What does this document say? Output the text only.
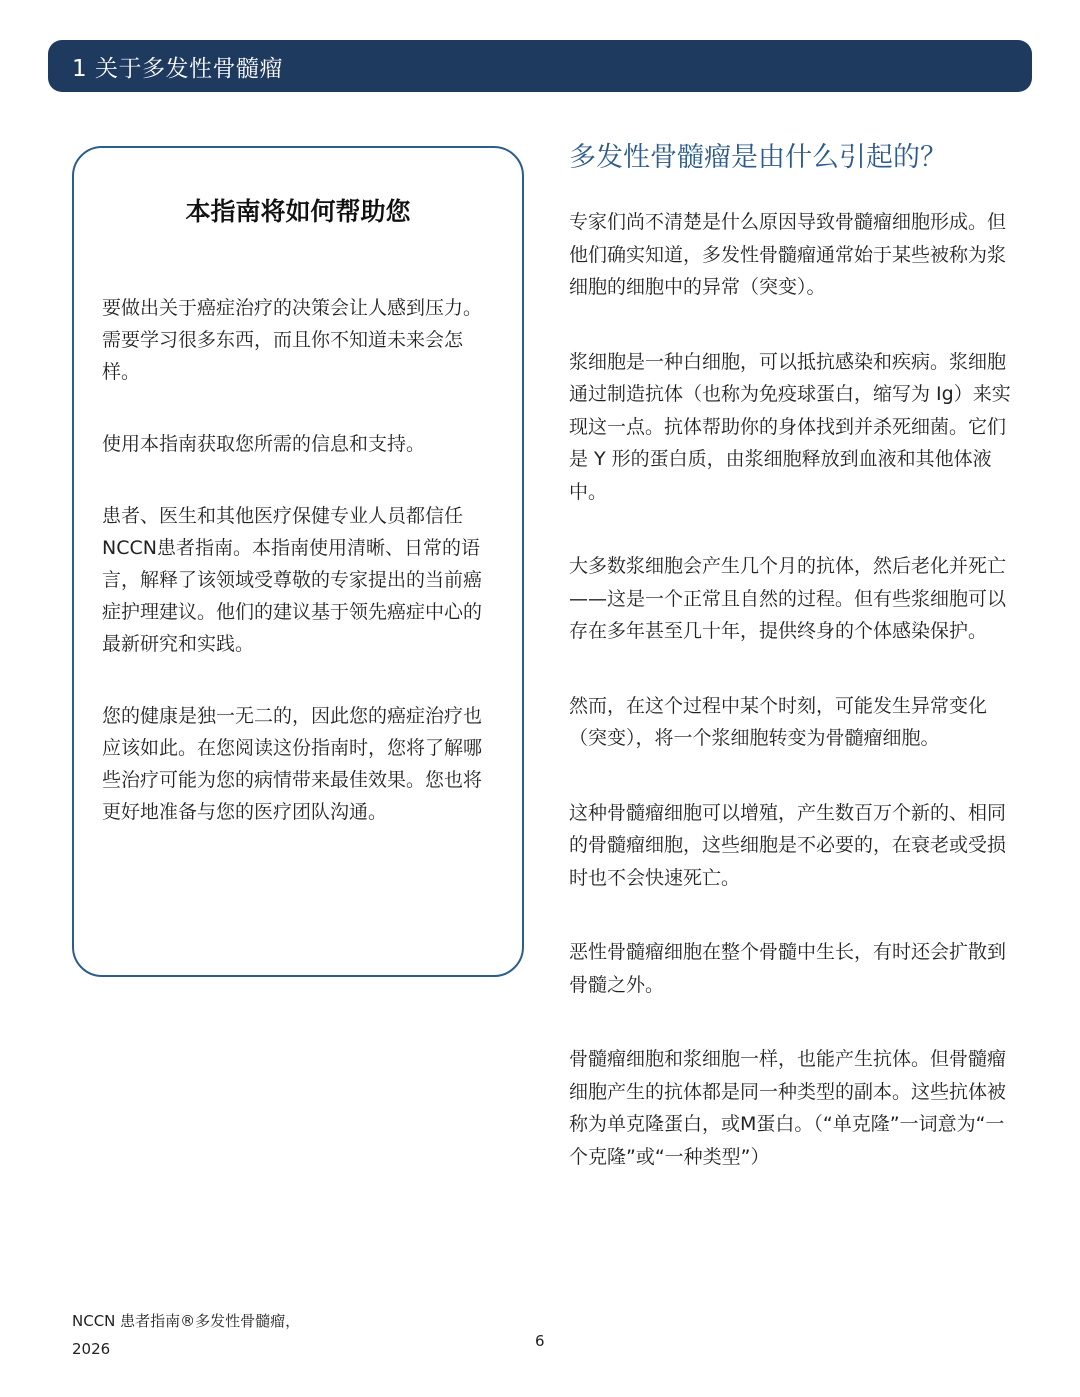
1 关于多发性骨髓瘤
本指南将如何帮助您

要做出关于癌症治疗的决策会让人感到压力。需要学习很多东西，而且你不知道未来会怎样。

使用本指南获取您所需的信息和支持。

患者、医生和其他医疗保健专业人员都信任NCCN患者指南。本指南使用清晰、日常的语言，解释了该领域受尊敬的专家提出的当前癌症护理建议。他们的建议基于领先癌症中心的最新研究和实践。

您的健康是独一无二的，因此您的癌症治疗也应该如此。在您阅读这份指南时，您将了解哪些治疗可能为您的病情带来最佳效果。您也将更好地准备与您的医疗团队沟通。

多发性骨髓瘤是由什么引起的？

专家们尚不清楚是什么原因导致骨髓瘤细胞形成。但他们确实知道，多发性骨髓瘤通常始于某些被称为浆细胞的细胞中的异常（突变）。

浆细胞是一种白细胞，可以抵抗感染和疾病。浆细胞通过制造抗体（也称为免疫球蛋白，缩写为 Ig）来实现这一点。抗体帮助你的身体找到并杀死细菌。它们是 Y 形的蛋白质，由浆细胞释放到血液和其他体液中。

大多数浆细胞会产生几个月的抗体，然后老化并死亡——这是一个正常且自然的过程。但有些浆细胞可以存在多年甚至几十年，提供终身的个体感染保护。

然而，在这个过程中某个时刻，可能发生异常变化（突变），将一个浆细胞转变为骨髓瘤细胞。

这种骨髓瘤细胞可以增殖，产生数百万个新的、相同的骨髓瘤细胞，这些细胞是不必要的，在衰老或受损时也不会快速死亡。

恶性骨髓瘤细胞在整个骨髓中生长，有时还会扩散到骨髓之外。

骨髓瘤细胞和浆细胞一样，也能产生抗体。但骨髓瘤细胞产生的抗体都是同一种类型的副本。这些抗体被称为单克隆蛋白，或M蛋白。（“单克隆”一词意为“一个克隆”或“一种类型”）

NCCN 患者指南®多发性骨髓瘤，2026	6
